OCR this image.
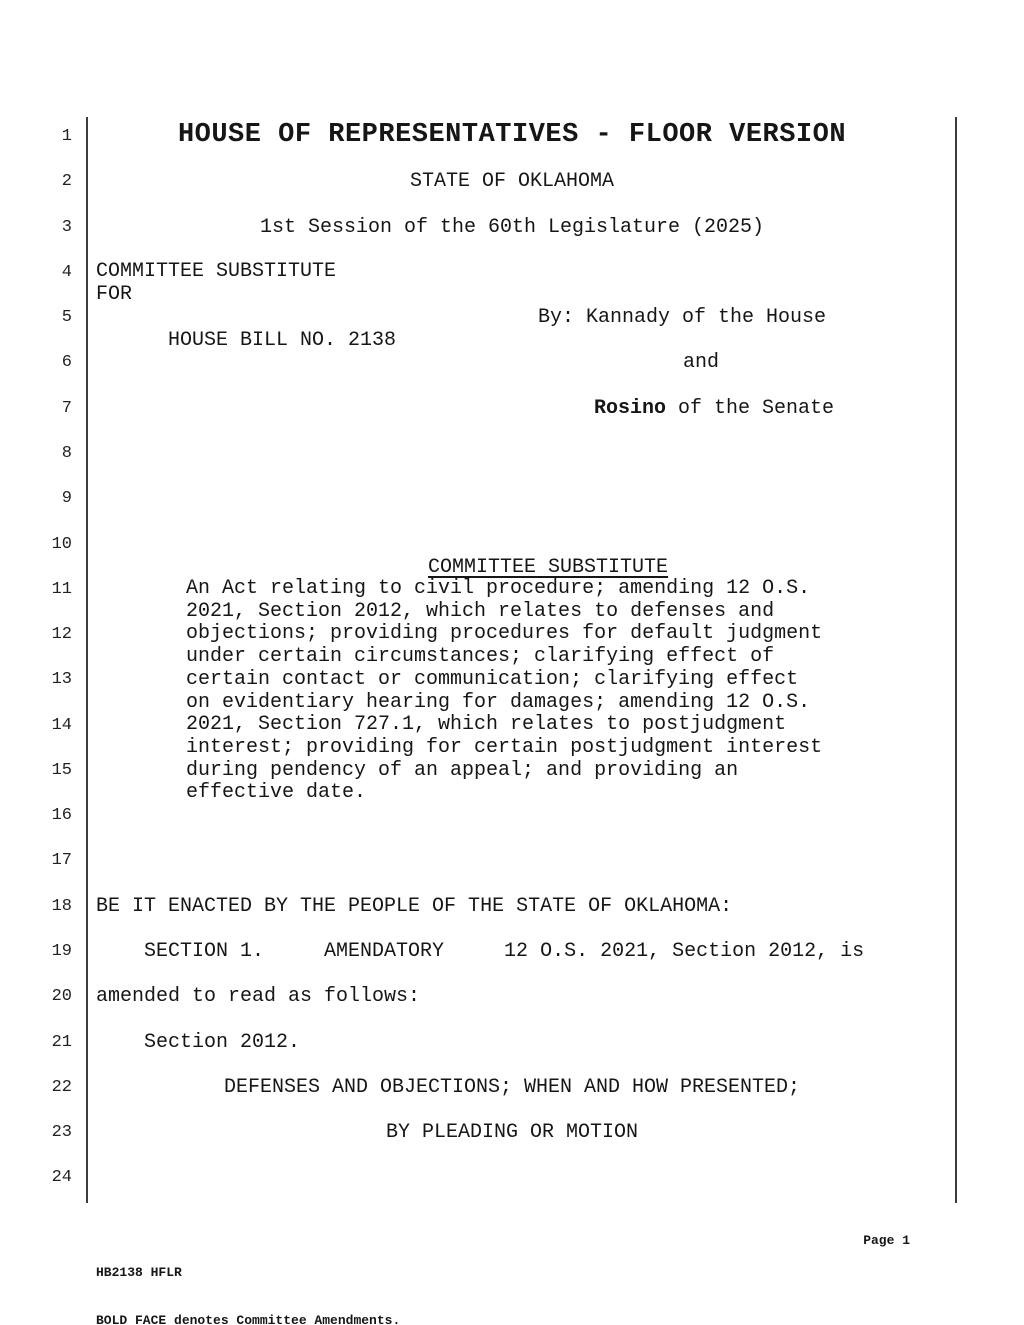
1
2
3
4
5
6
7
8
9
10
11
12
13
14
15
16
17
18
19
20
21
22
23
24
HOUSE OF REPRESENTATIVES - FLOOR VERSION
STATE OF OKLAHOMA
1st Session of the 60th Legislature (2025)
COMMITTEE SUBSTITUTE
FOR

HOUSE BILL NO. 2138

By: Kannady of the House

and

Rosino of the Senate

COMMITTEE SUBSTITUTE

An Act relating to civil procedure; amending 12 O.S.
2021, Section 2012, which relates to defenses and
objections; providing procedures for default judgment
under certain circumstances; clarifying effect of
certain contact or communication; clarifying effect
on evidentiary hearing for damages; amending 12 O.S.
2021, Section 727.1, which relates to postjudgment
interest; providing for certain postjudgment interest
during pendency of an appeal; and providing an
effective date.
BE IT ENACTED BY THE PEOPLE OF THE STATE OF OKLAHOMA:
SECTION 1.     AMENDATORY     12 O.S. 2021, Section 2012, is
amended to read as follows:
Section 2012.
DEFENSES AND OBJECTIONS; WHEN AND HOW PRESENTED;
BY PLEADING OR MOTION

HB2138 HFLR

BOLD FACE denotes Committee Amendments.

Page 1
